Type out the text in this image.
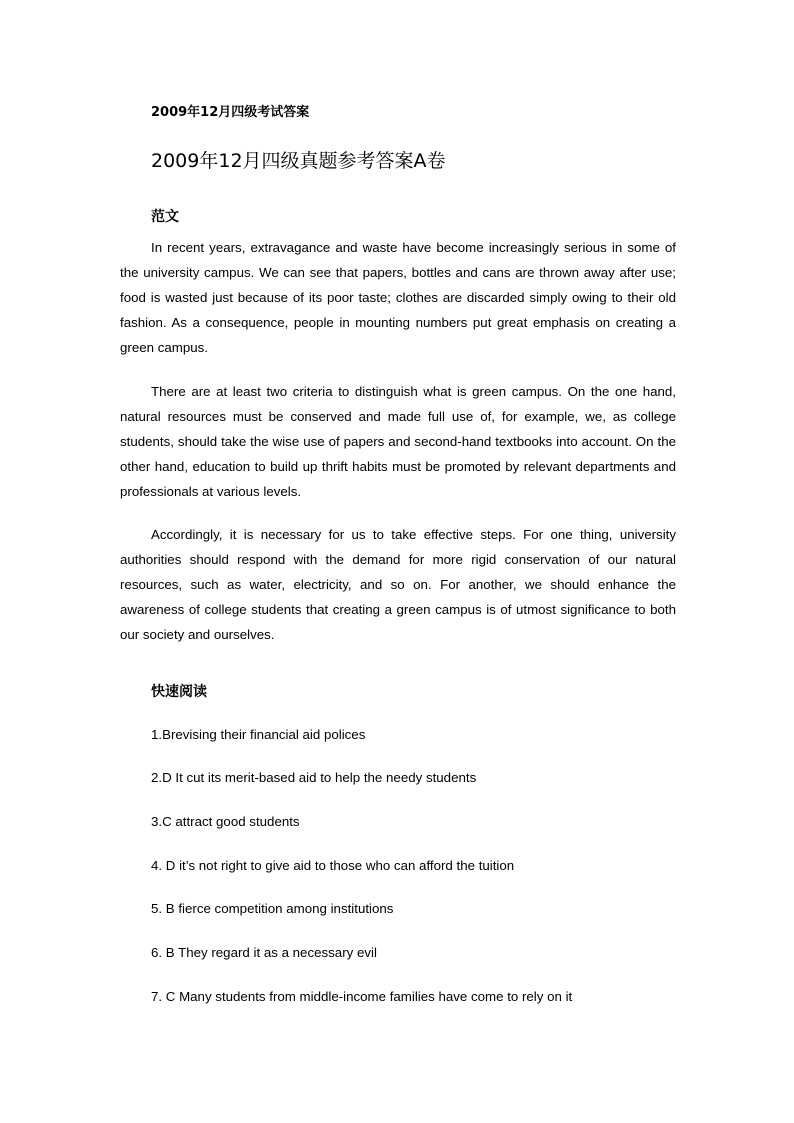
2009年12月四级考试答案
2009年12月四级真题参考答案A卷
范文

In recent years, extravagance and waste have become increasingly serious in some of the university campus. We can see that papers, bottles and cans are thrown away after use; food is wasted just because of its poor taste; clothes are discarded simply owing to their old fashion. As a consequence, people in mounting numbers put great emphasis on creating a green campus.

There are at least two criteria to distinguish what is green campus. On the one hand, natural resources must be conserved and made full use of, for example, we, as college students, should take the wise use of papers and second-hand textbooks into account. On the other hand, education to build up thrift habits must be promoted by relevant departments and professionals at various levels.

Accordingly, it is necessary for us to take effective steps. For one thing, university authorities should respond with the demand for more rigid conservation of our natural resources, such as water, electricity, and so on. For another, we should enhance the awareness of college students that creating a green campus is of utmost significance to both our society and ourselves.

快速阅读
1.Brevising their financial aid polices
2.D It cut its merit-based aid to help the needy students
3.C attract good students
4. D it’s not right to give aid to those who can afford the tuition
5. B fierce competition among institutions
6. B They regard it as a necessary evil
7. C Many students from middle-income families have come to rely on it
